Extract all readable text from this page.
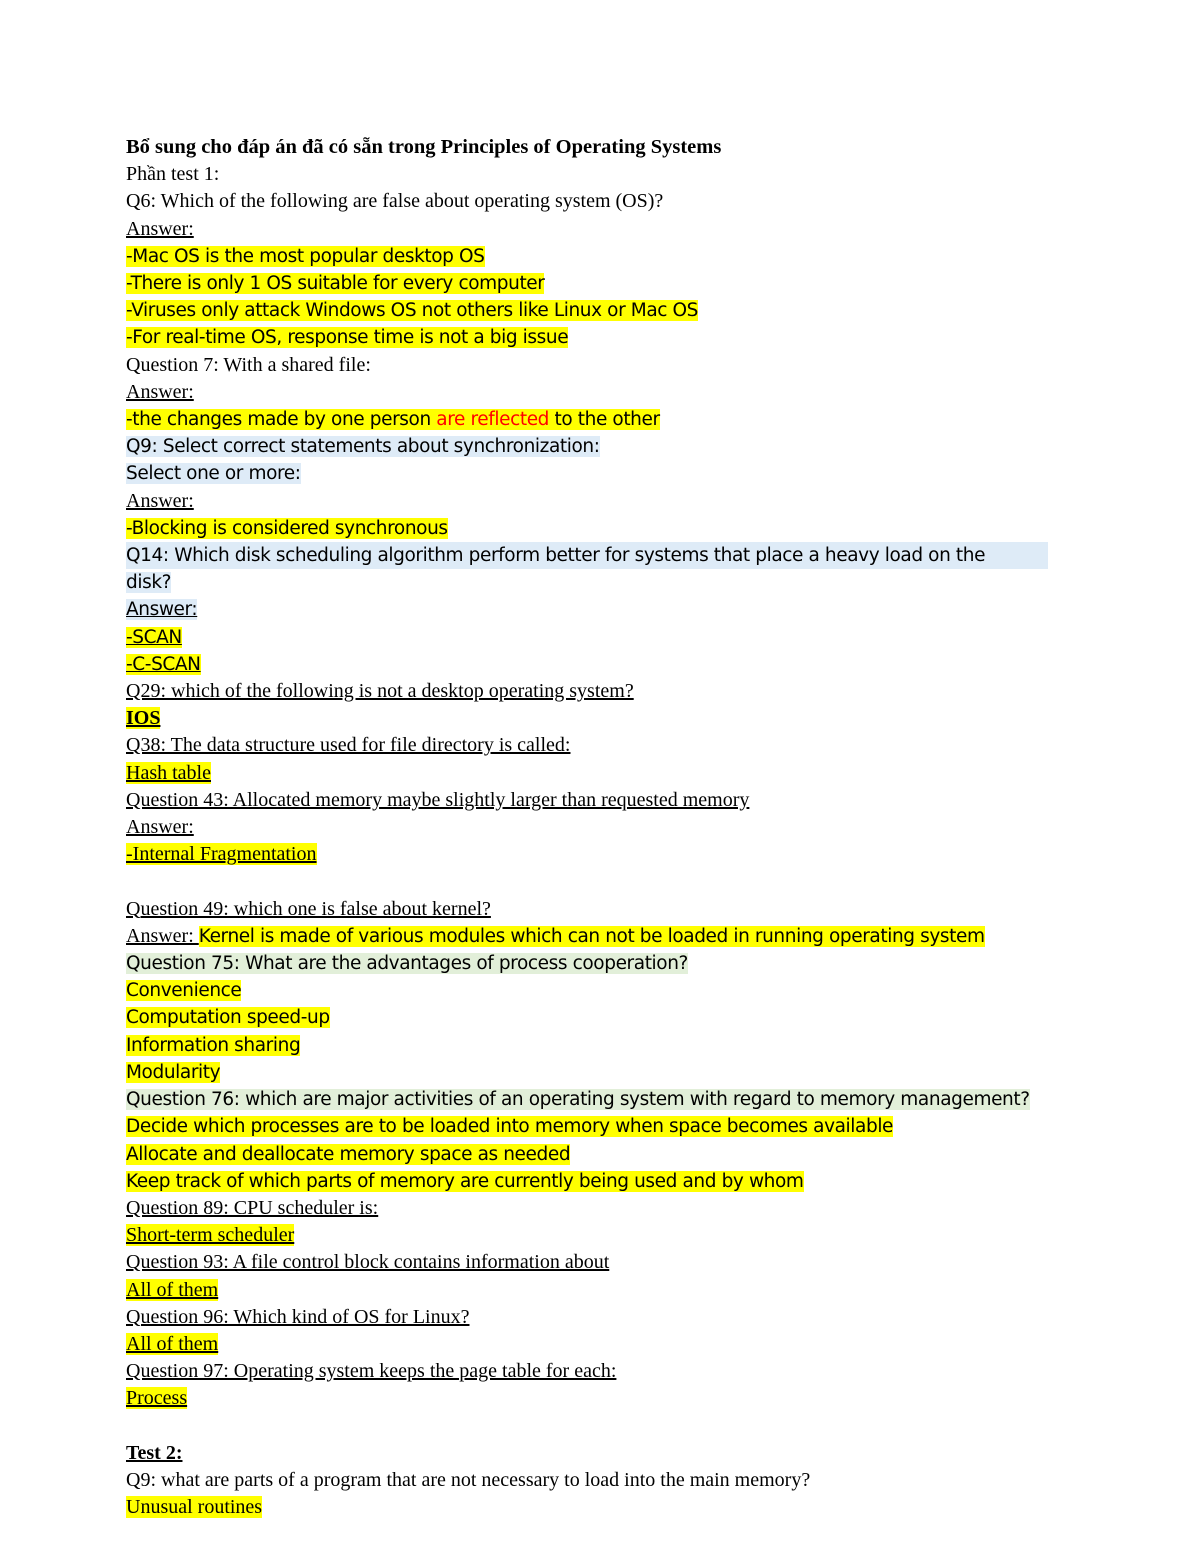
Bổ sung cho đáp án đã có sẵn trong Principles of Operating Systems
Phần test 1:
Q6: Which of the following are false about operating system (OS)?
Answer:
-Mac OS is the most popular desktop OS
-There is only 1 OS suitable for every computer
-Viruses only attack Windows OS not others like Linux or Mac OS
-For real-time OS, response time is not a big issue
Question 7: With a shared file:
Answer:
-the changes made by one person are reflected to the other
Q9: Select correct statements about synchronization:
Select one or more:
Answer:
-Blocking is considered synchronous
Q14: Which disk scheduling algorithm perform better for systems that place a heavy load on the
disk?
Answer:
-SCAN
-C-SCAN
Q29: which of the following is not a desktop operating system?
IOS
Q38: The data structure used for file directory is called:
Hash table
Question 43: Allocated memory maybe slightly larger than requested memory
Answer:
-Internal Fragmentation
Question 49: which one is false about kernel?
Answer: Kernel is made of various modules which can not be loaded in running operating system
Question 75: What are the advantages of process cooperation?
Convenience
Computation speed-up
Information sharing
Modularity
Question 76: which are major activities of an operating system with regard to memory management?
Decide which processes are to be loaded into memory when space becomes available
Allocate and deallocate memory space as needed
Keep track of which parts of memory are currently being used and by whom
Question 89: CPU scheduler is:
Short-term scheduler
Question 93: A file control block contains information about
All of them
Question 96: Which kind of OS for Linux?
All of them
Question 97: Operating system keeps the page table for each:
Process
Test 2:
Q9: what are parts of a program that are not necessary to load into the main memory?
Unusual routines
